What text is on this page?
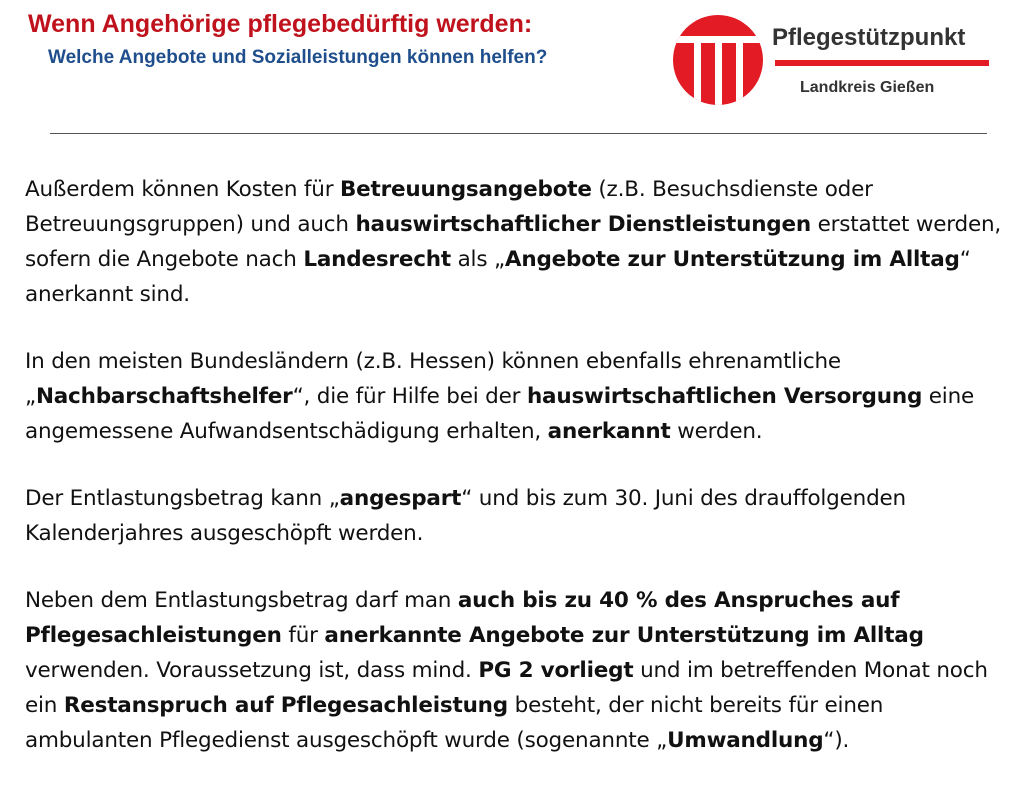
Wenn Angehörige pflegebedürftig werden:
Welche Angebote und Sozialleistungen können helfen?
Pflegestützpunkt
Landkreis Gießen

Außerdem können Kosten für Betreuungsangebote (z.B. Besuchsdienste oder Betreuungsgruppen) und auch hauswirtschaftlicher Dienstleistungen erstattet werden, sofern die Angebote nach Landesrecht als „Angebote zur Unterstützung im Alltag“ anerkannt sind.

In den meisten Bundesländern (z.B. Hessen) können ebenfalls ehrenamtliche „Nachbarschaftshelfer“, die für Hilfe bei der hauswirtschaftlichen Versorgung eine angemessene Aufwandsentschädigung erhalten, anerkannt werden.

Der Entlastungsbetrag kann „angespart“ und bis zum 30. Juni des drauffolgenden Kalenderjahres ausgeschöpft werden.

Neben dem Entlastungsbetrag darf man auch bis zu 40 % des Anspruches auf Pflegesachleistungen für anerkannte Angebote zur Unterstützung im Alltag verwenden. Voraussetzung ist, dass mind. PG 2 vorliegt und im betreffenden Monat noch ein Restanspruch auf Pflegesachleistung besteht, der nicht bereits für einen ambulanten Pflegedienst ausgeschöpft wurde (sogenannte „Umwandlung“).
